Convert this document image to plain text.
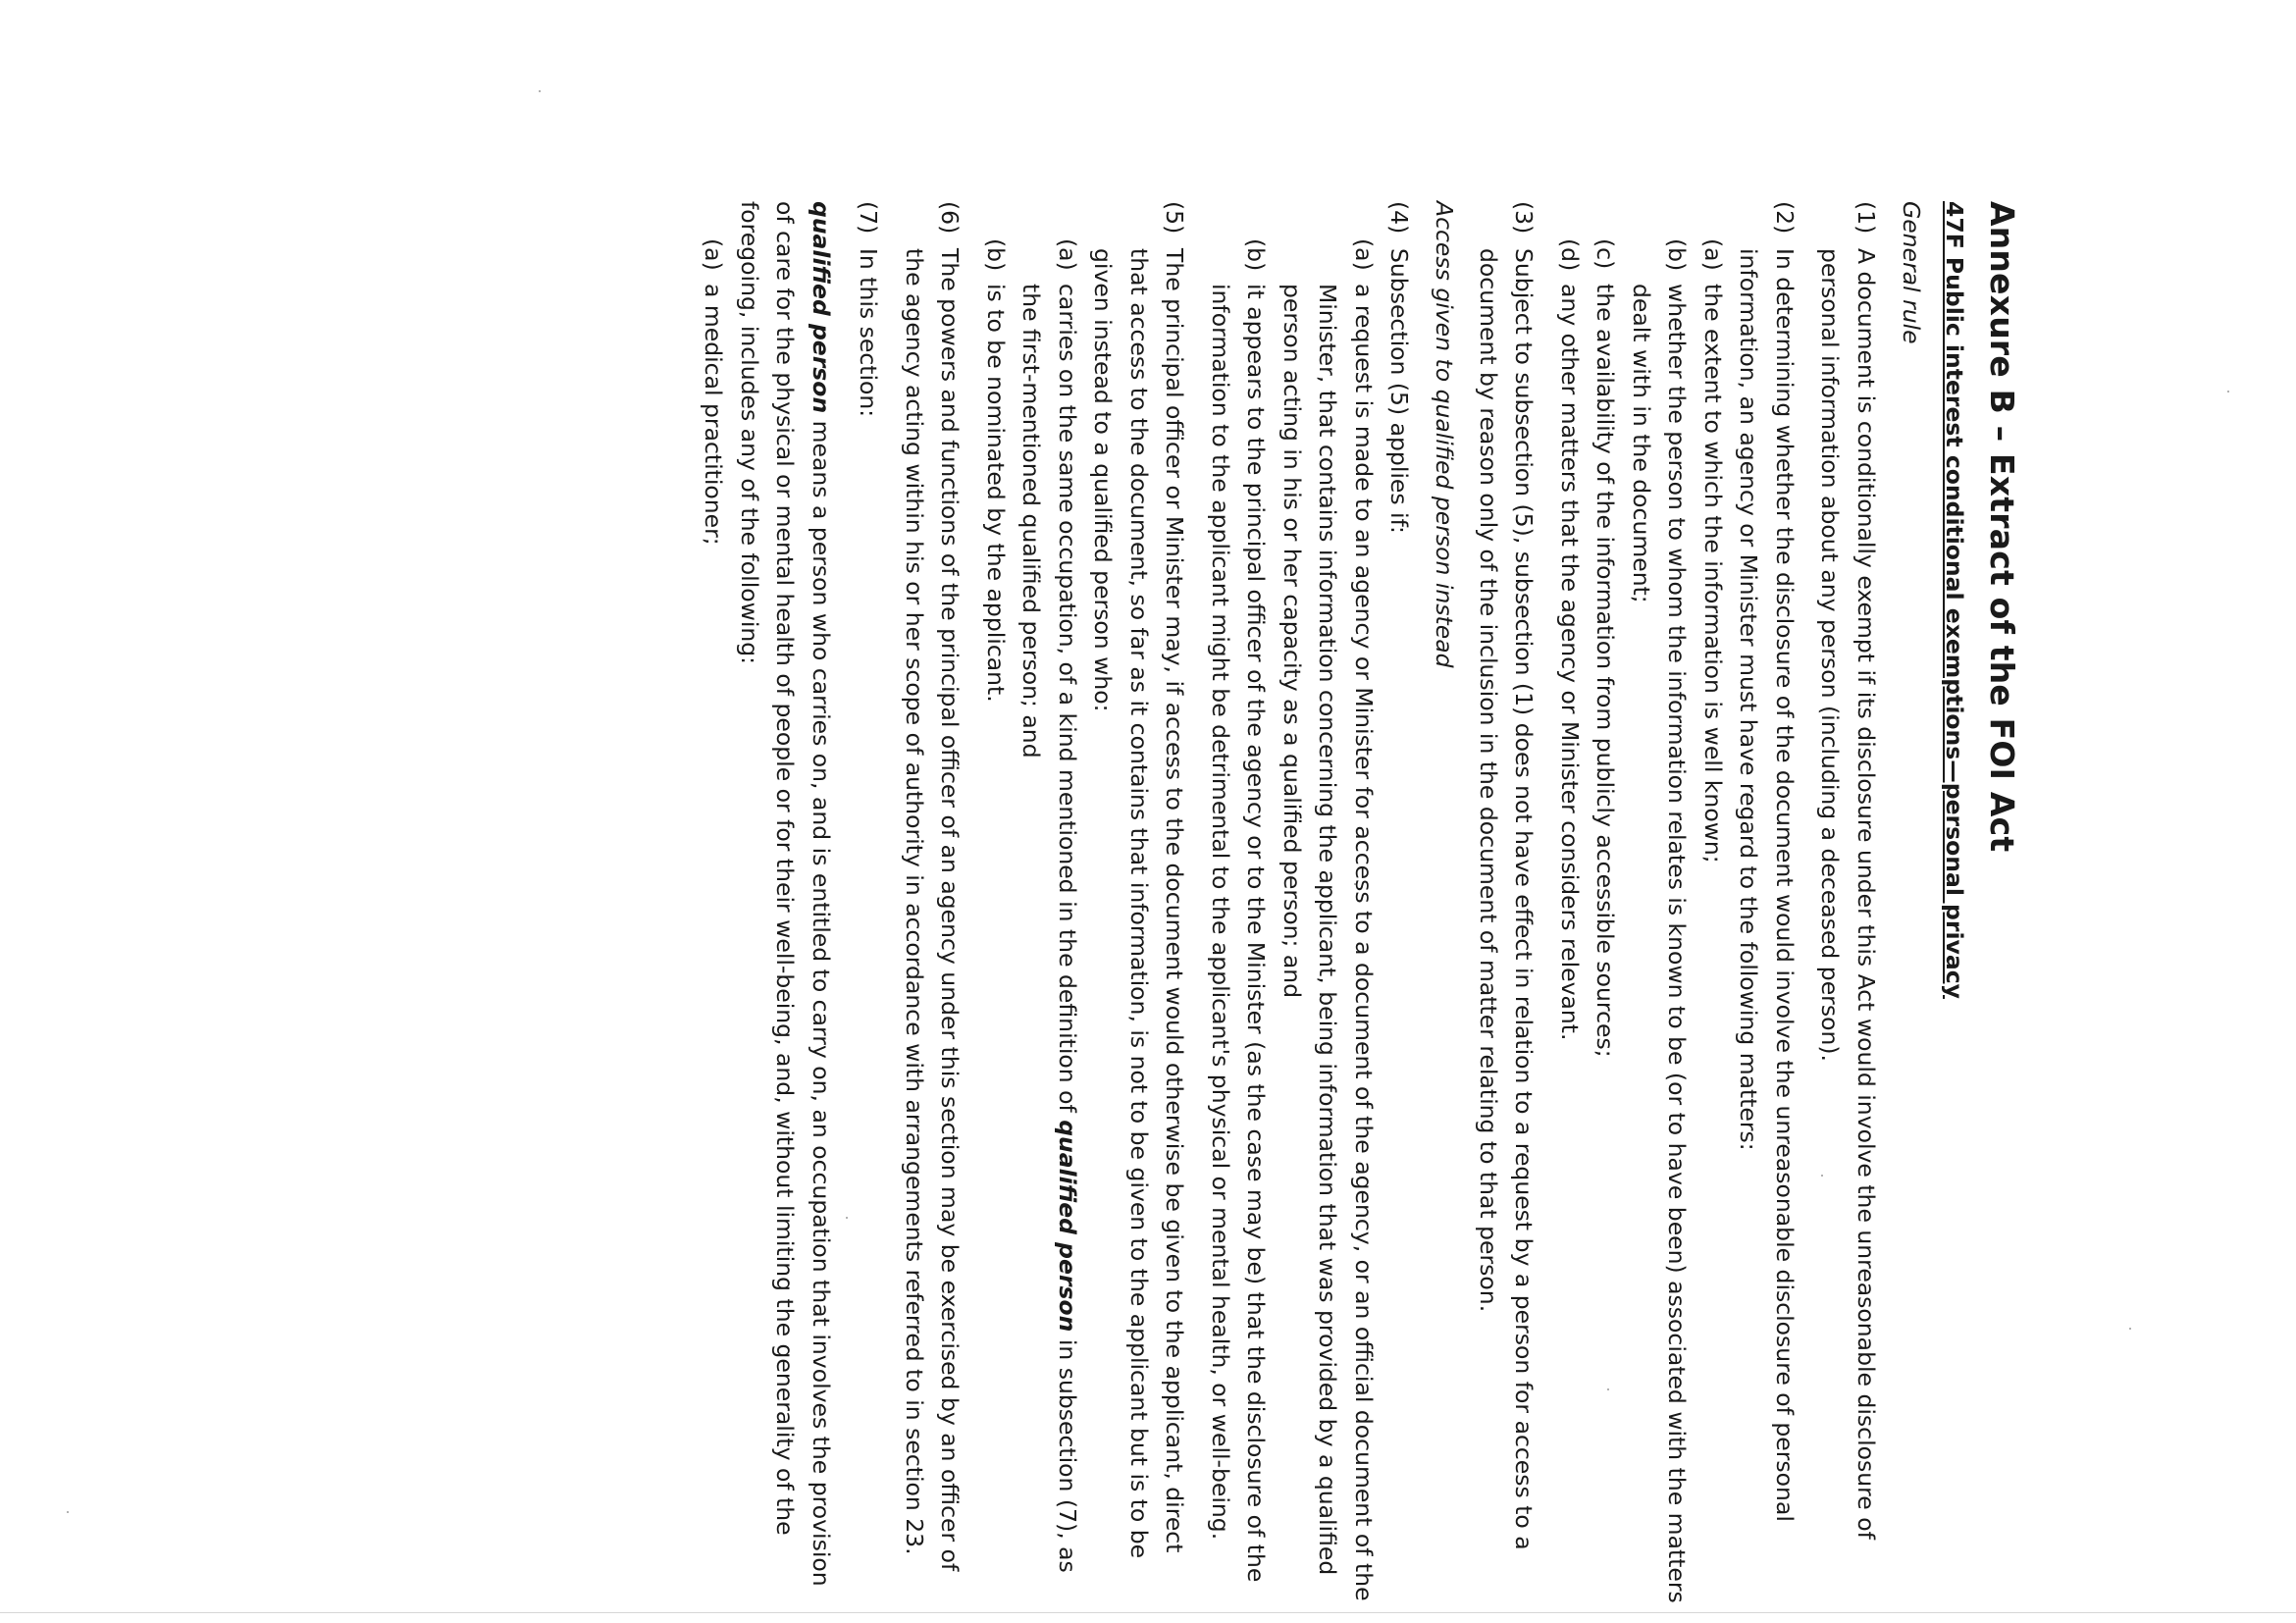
Annexure B – Extract of the FOI Act
47F Public interest conditional exemptions—personal privacy
General rule

(1)
A document is conditionally exempt if its disclosure under this Act would involve the unreasonable disclosure of personal information about any person (including a deceased person).

(2)
In determining whether the disclosure of the document would involve the unreasonable disclosure of personal information, an agency or Minister must have regard to the following matters:

(a)
the extent to which the information is well known;

(b)
whether the person to whom the information relates is known to be (or to have been) associated with the matters dealt with in the document;

(c)
the availability of the information from publicly accessible sources;

(d)
any other matters that the agency or Minister considers relevant.

(3)
Subject to subsection (5), subsection (1) does not have effect in relation to a request by a person for access to a document by reason only of the inclusion in the document of matter relating to that person.

Access given to qualified person instead

(4)
Subsection (5) applies if:

(a)
a request is made to an agency or Minister for access to a document of the agency, or an official document of the Minister, that contains information concerning the applicant, being information that was provided by a qualified person acting in his or her capacity as a qualified person; and

(b)
it appears to the principal officer of the agency or to the Minister (as the case may be) that the disclosure of the information to the applicant might be detrimental to the applicant's physical or mental health, or well-being.

(5)
The principal officer or Minister may, if access to the document would otherwise be given to the applicant, direct that access to the document, so far as it contains that information, is not to be given to the applicant but is to be given instead to a qualified person who:

(a)
carries on the same occupation, of a kind mentioned in the definition of qualified person in subsection (7), as the first-mentioned qualified person; and

(b)
is to be nominated by the applicant.

(6)
The powers and functions of the principal officer of an agency under this section may be exercised by an officer of the agency acting within his or her scope of authority in accordance with arrangements referred to in section 23.

(7)
In this section:

qualified person means a person who carries on, and is entitled to carry on, an occupation that involves the provision of care for the physical or mental health of people or for their well-being, and, without limiting the generality of the foregoing, includes any of the following:

(a)
a medical practitioner;
